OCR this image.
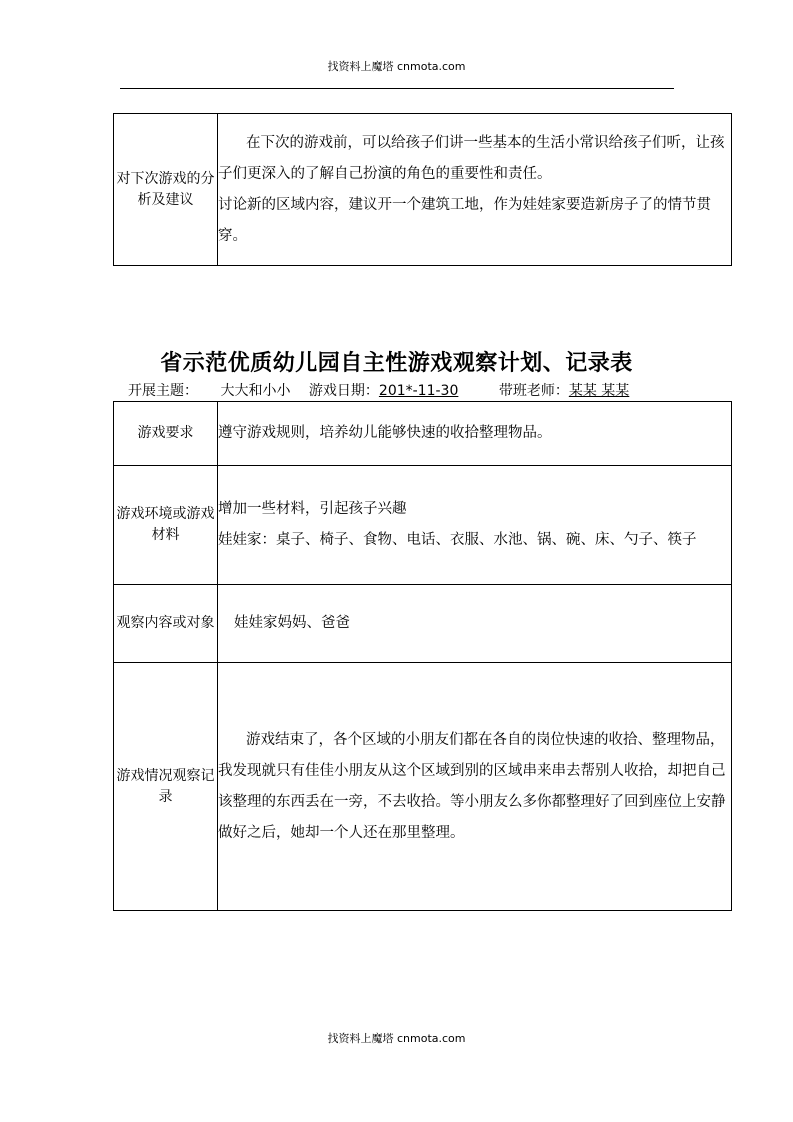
找资料上魔塔 cnmota.com
对下次游戏的分析及建议	
在下次的游戏前，可以给孩子们讲一些基本的生活小常识给孩子们听，让孩子们更深入的了解自己扮演的角色的重要性和责任。
讨论新的区域内容，建议开一个建筑工地，作为娃娃家要造新房子了的情节贯穿。
省示范优质幼儿园自主性游戏观察计划、记录表
开展主题： 大大和小小 游戏日期：201*-11-30	带班老师：某某 某某
游戏要求	遵守游戏规则，培养幼儿能够快速的收拾整理物品。

游戏环境或游戏材料	增加一些材料，引起孩子兴趣
娃娃家：桌子、椅子、食物、电话、衣服、水池、锅、碗、床、勺子、筷子

观察内容或对象	娃娃家妈妈、爸爸

游戏情况观察记录	游戏结束了，各个区域的小朋友们都在各自的岗位快速的收拾、整理物品，我发现就只有佳佳小朋友从这个区域到别的区域串来串去帮别人收拾，却把自己该整理的东西丢在一旁，不去收拾。等小朋友么多你都整理好了回到座位上安静做好之后，她却一个人还在那里整理。
找资料上魔塔 cnmota.com
